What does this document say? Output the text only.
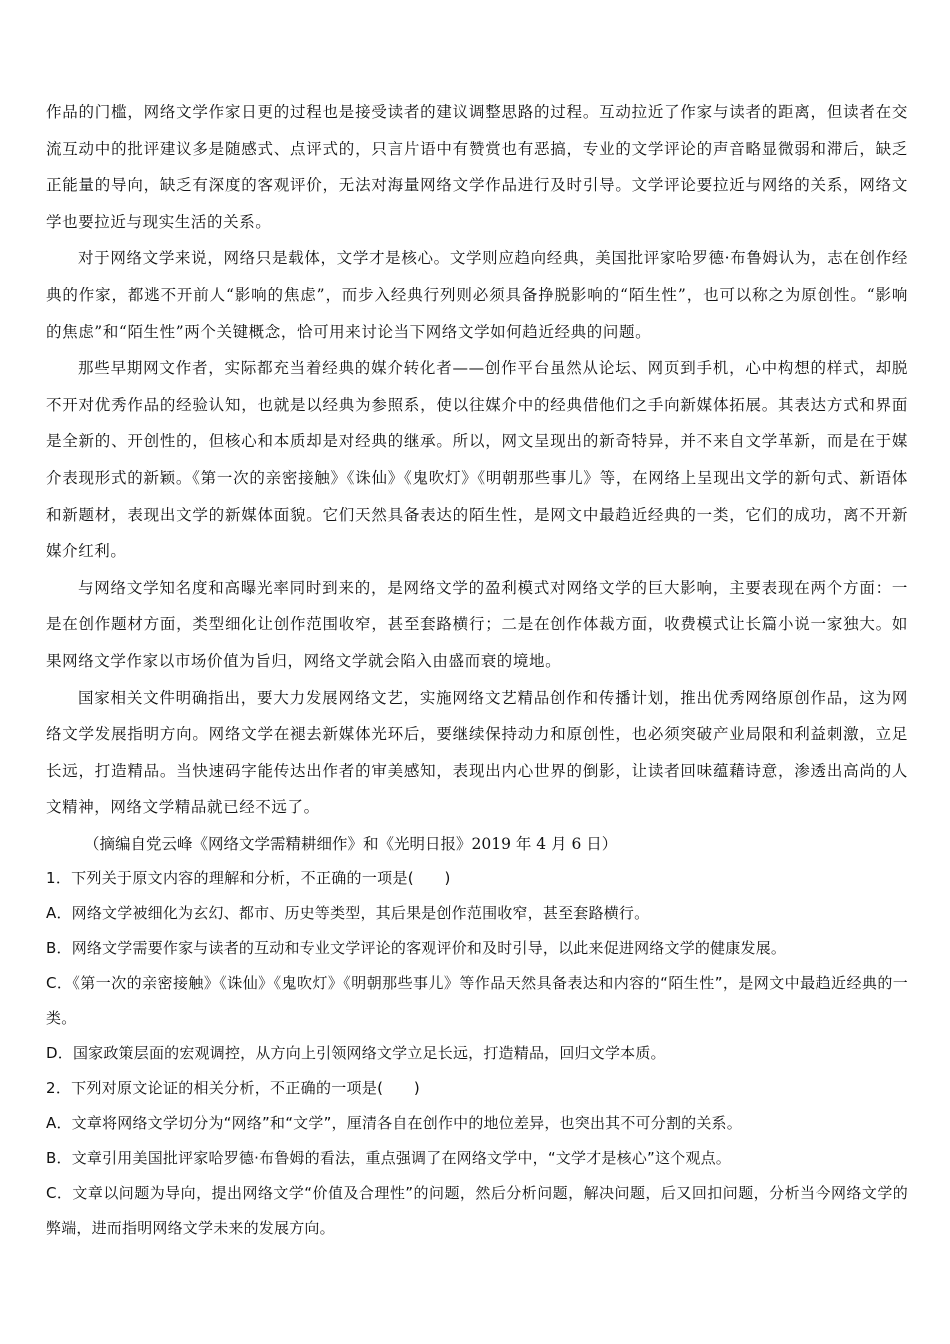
作品的门槛，网络文学作家日更的过程也是接受读者的建议调整思路的过程。互动拉近了作家与读者的距离，但读者在交流互动中的批评建议多是随感式、点评式的，只言片语中有赞赏也有恶搞，专业的文学评论的声音略显微弱和滞后，缺乏正能量的导向，缺乏有深度的客观评价，无法对海量网络文学作品进行及时引导。文学评论要拉近与网络的关系，网络文学也要拉近与现实生活的关系。

对于网络文学来说，网络只是载体，文学才是核心。文学则应趋向经典，美国批评家哈罗德·布鲁姆认为，志在创作经典的作家，都逃不开前人“影响的焦虑”，而步入经典行列则必须具备挣脱影响的“陌生性”，也可以称之为原创性。“影响的焦虑”和“陌生性”两个关键概念，恰可用来讨论当下网络文学如何趋近经典的问题。

那些早期网文作者，实际都充当着经典的媒介转化者——创作平台虽然从论坛、网页到手机，心中构想的样式，却脱不开对优秀作品的经验认知，也就是以经典为参照系，使以往媒介中的经典借他们之手向新媒体拓展。其表达方式和界面是全新的、开创性的，但核心和本质却是对经典的继承。所以，网文呈现出的新奇特异，并不来自文学革新，而是在于媒介表现形式的新颖。《第一次的亲密接触》《诛仙》《鬼吹灯》《明朝那些事儿》等，在网络上呈现出文学的新句式、新语体和新题材，表现出文学的新媒体面貌。它们天然具备表达的陌生性，是网文中最趋近经典的一类，它们的成功，离不开新媒介红利。

与网络文学知名度和高曝光率同时到来的，是网络文学的盈利模式对网络文学的巨大影响，主要表现在两个方面：一是在创作题材方面，类型细化让创作范围收窄，甚至套路横行；二是在创作体裁方面，收费模式让长篇小说一家独大。如果网络文学作家以市场价值为旨归，网络文学就会陷入由盛而衰的境地。

国家相关文件明确指出，要大力发展网络文艺，实施网络文艺精品创作和传播计划，推出优秀网络原创作品，这为网络文学发展指明方向。网络文学在褪去新媒体光环后，要继续保持动力和原创性，也必须突破产业局限和利益刺激，立足长远，打造精品。当快速码字能传达出作者的审美感知，表现出内心世界的倒影，让读者回味蕴藉诗意，渗透出高尚的人文精神，网络文学精品就已经不远了。

（摘编自党云峰《网络文学需精耕细作》和《光明日报》2019 年 4 月 6 日）

1．下列关于原文内容的理解和分析，不正确的一项是(　　)

A．网络文学被细化为玄幻、都市、历史等类型，其后果是创作范围收窄，甚至套路横行。

B．网络文学需要作家与读者的互动和专业文学评论的客观评价和及时引导，以此来促进网络文学的健康发展。

C．《第一次的亲密接触》《诛仙》《鬼吹灯》《明朝那些事儿》等作品天然具备表达和内容的“陌生性”，是网文中最趋近经典的一类。

D．国家政策层面的宏观调控，从方向上引领网络文学立足长远，打造精品，回归文学本质。

2．下列对原文论证的相关分析，不正确的一项是(　　)

A．文章将网络文学切分为“网络”和“文学”，厘清各自在创作中的地位差异，也突出其不可分割的关系。

B．文章引用美国批评家哈罗德·布鲁姆的看法，重点强调了在网络文学中，“文学才是核心”这个观点。

C．文章以问题为导向，提出网络文学“价值及合理性”的问题，然后分析问题，解决问题，后又回扣问题，分析当今网络文学的弊端，进而指明网络文学未来的发展方向。
